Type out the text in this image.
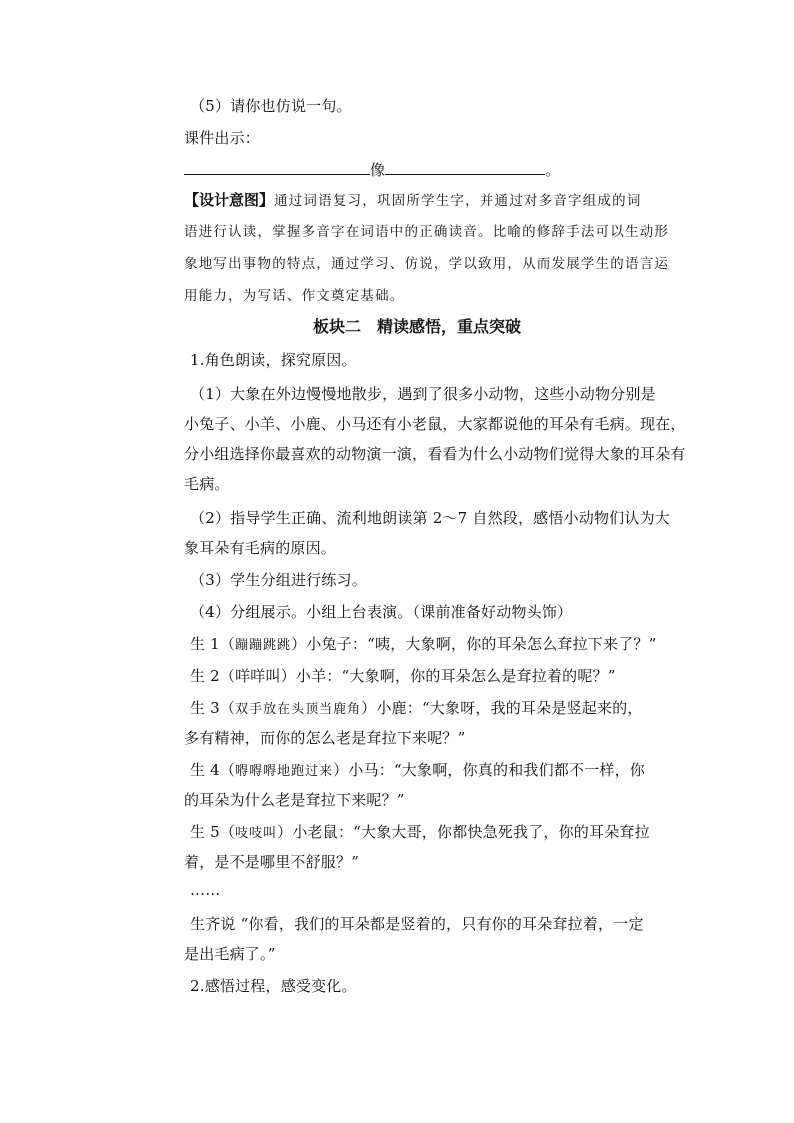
（5）请你也仿说一句。
课件出示：
像	。
【设计意图】通过词语复习，巩固所学生字，并通过对多音字组成的词
语进行认读，掌握多音字在词语中的正确读音。比喻的修辞手法可以生动形
象地写出事物的特点，通过学习、仿说，学以致用，从而发展学生的语言运
用能力，为写话、作文奠定基础。
板块二　精读感悟，重点突破
1.角色朗读，探究原因。
（1）大象在外边慢慢地散步，遇到了很多小动物，这些小动物分别是
小兔子、小羊、小鹿、小马还有小老鼠，大家都说他的耳朵有毛病。现在，
分小组选择你最喜欢的动物演一演，看看为什么小动物们觉得大象的耳朵有
毛病。
（2）指导学生正确、流利地朗读第 2～7 自然段，感悟小动物们认为大
象耳朵有毛病的原因。
（3）学生分组进行练习。
（4）分组展示。小组上台表演。（课前准备好动物头饰）
生 1（蹦蹦跳跳）小兔子：“咦，大象啊，你的耳朵怎么耷拉下来了？”
生 2（咩咩叫）小羊：“大象啊，你的耳朵怎么是耷拉着的呢？”
生 3（双手放在头顶当鹿角）小鹿：“大象呀，我的耳朵是竖起来的，
多有精神，而你的怎么老是耷拉下来呢？”
生 4（嘚嘚嘚地跑过来）小马：“大象啊，你真的和我们都不一样，你
的耳朵为什么老是耷拉下来呢？”
生 5（吱吱叫）小老鼠：“大象大哥，你都快急死我了，你的耳朵耷拉
着，是不是哪里不舒服？”
……
生齐说 “你看，我们的耳朵都是竖着的，只有你的耳朵耷拉着，一定
是出毛病了。”
2.感悟过程，感受变化。
